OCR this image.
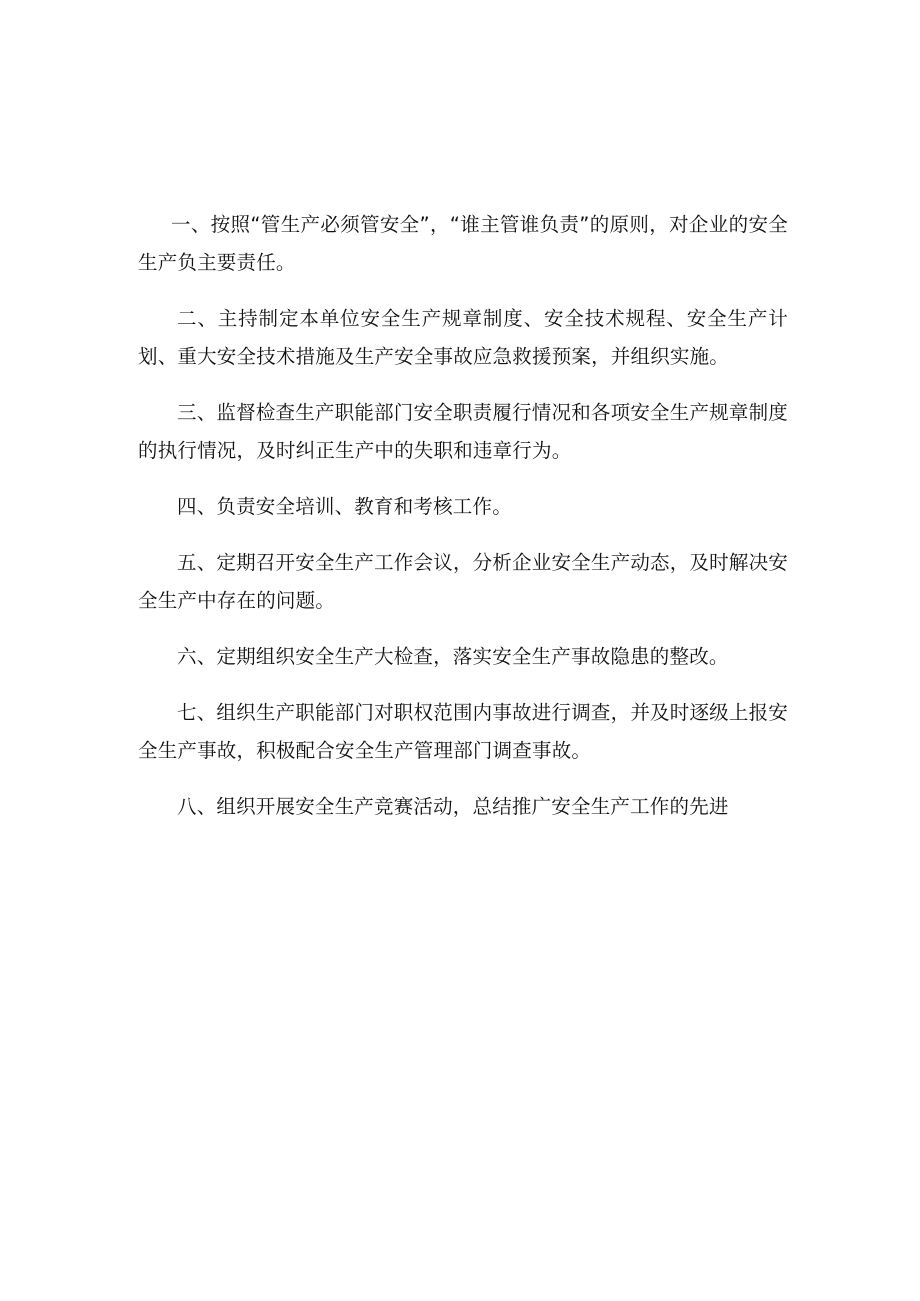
一、按照“管生产必须管安全”，“谁主管谁负责”的原则，对企业的安全生产负主要责任。

二、主持制定本单位安全生产规章制度、安全技术规程、安全生产计划、重大安全技术措施及生产安全事故应急救援预案，并组织实施。

三、监督检查生产职能部门安全职责履行情况和各项安全生产规章制度的执行情况，及时纠正生产中的失职和违章行为。

四、负责安全培训、教育和考核工作。

五、定期召开安全生产工作会议，分析企业安全生产动态，及时解决安全生产中存在的问题。

六、定期组织安全生产大检查，落实安全生产事故隐患的整改。

七、组织生产职能部门对职权范围内事故进行调查，并及时逐级上报安全生产事故，积极配合安全生产管理部门调查事故。

八、组织开展安全生产竞赛活动，总结推广安全生产工作的先进
